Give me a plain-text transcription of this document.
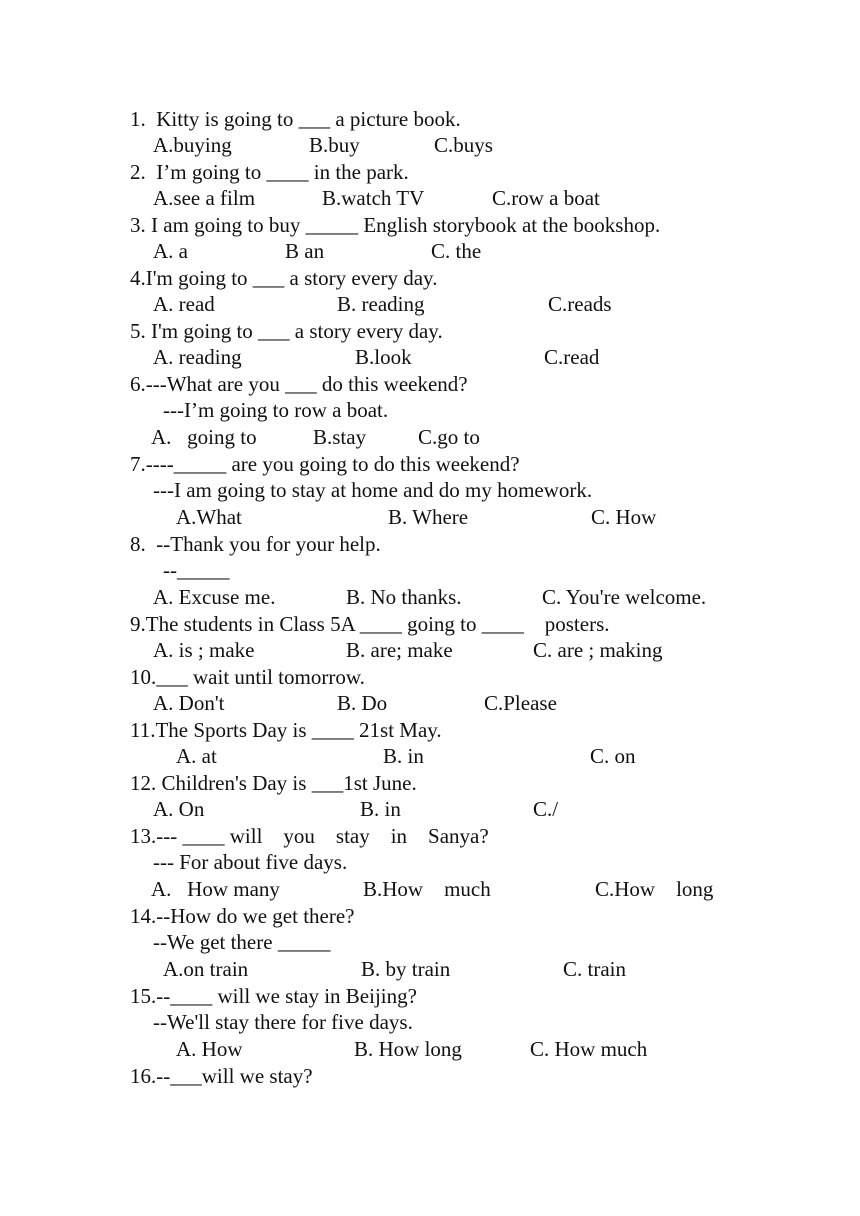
1.  Kitty is going to ___ a picture book.
A.buying	B.buy	C.buys
2.  I’m going to ____ in the park.
A.see a film	B.watch TV	C.row a boat
3. I am going to buy _____ English storybook at the bookshop.
A. a	B an	C. the
4.I'm going to ___ a story every day.
A. read	B. reading	C.reads
5. I'm going to ___ a story every day.
A. reading	B.look	C.read
6.---What are you ___ do this weekend?
---I’m going to row a boat.
A.   going to	B.stay C.go to
7.----_____ are you going to do this weekend?
---I am going to stay at home and do my homework.
A.What	B. Where	C. How
8.  --Thank you for your help.
--_____
A. Excuse me.	B. No thanks.	C. You're welcome.
9.The students in Class 5A ____ going to ____    posters.
A. is ; make	B. are; make	C. are ; making
10.___ wait until tomorrow.
A. Don't	B. Do	C.Please
11.The Sports Day is ____ 21st May.
A. at	B. in	C. on
12. Children's Day is ___1st June.
A. On	B. in	C./
13.--- ____ will    you    stay    in    Sanya?
--- For about five days.
A.   How many	B.How    much	C.How    long
14.--How do we get there?
--We get there _____
A.on train	B. by train	C. train
15.--____ will we stay in Beijing?
--We'll stay there for five days.
A. How	B. How long	C. How much
16.--___will we stay?
